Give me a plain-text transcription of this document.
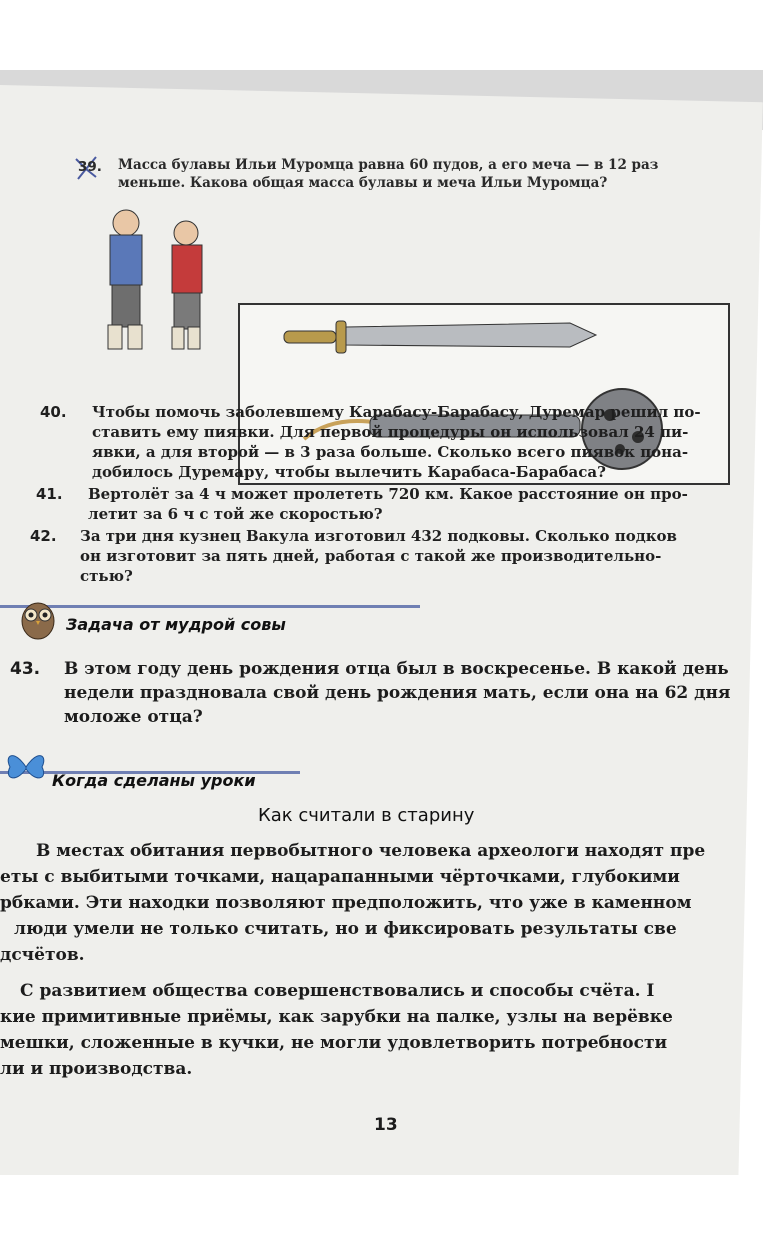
39. Масса булавы Ильи Муромца равна 60 пудов, а его меча — в 12 раз
меньше. Какова общая масса булавы и меча Ильи Муромца?
40. Чтобы помочь заболевшему Карабасу-Барабасу, Дуремар решил по-
ставить ему пиявки. Для первой процедуры он использовал 24 пи-
явки, а для второй — в 3 раза больше. Сколько всего пиявок пона-
добилось Дуремару, чтобы вылечить Карабаса-Барабаса?
41. Вертолёт за 4 ч может пролететь 720 км. Какое расстояние он про-
летит за 6 ч с той же скоростью?
42. За три дня кузнец Вакула изготовил 432 подковы. Сколько подков
он изготовит за пять дней, работая с такой же производительно-
стью?
Задача от мудрой совы
43. В этом году день рождения отца был в воскресенье. В какой день
недели праздновала свой день рождения мать, если она на 62 дня
моложе отца?
Когда сделаны уроки
Как считали в старину
В местах обитания первобытного человека археологи находят пре
еты с выбитыми точками, нацарапанными чёрточками, глубокими
рбками. Эти находки позволяют предположить, что уже в каменном
люди умели не только считать, но и фиксировать результаты све
дсчётов.
С развитием общества совершенствовались и способы счёта. I
кие примитивные приёмы, как зарубки на палке, узлы на верёвке
мешки, сложенные в кучки, не могли удовлетворить потребности
ли и производства.
13
